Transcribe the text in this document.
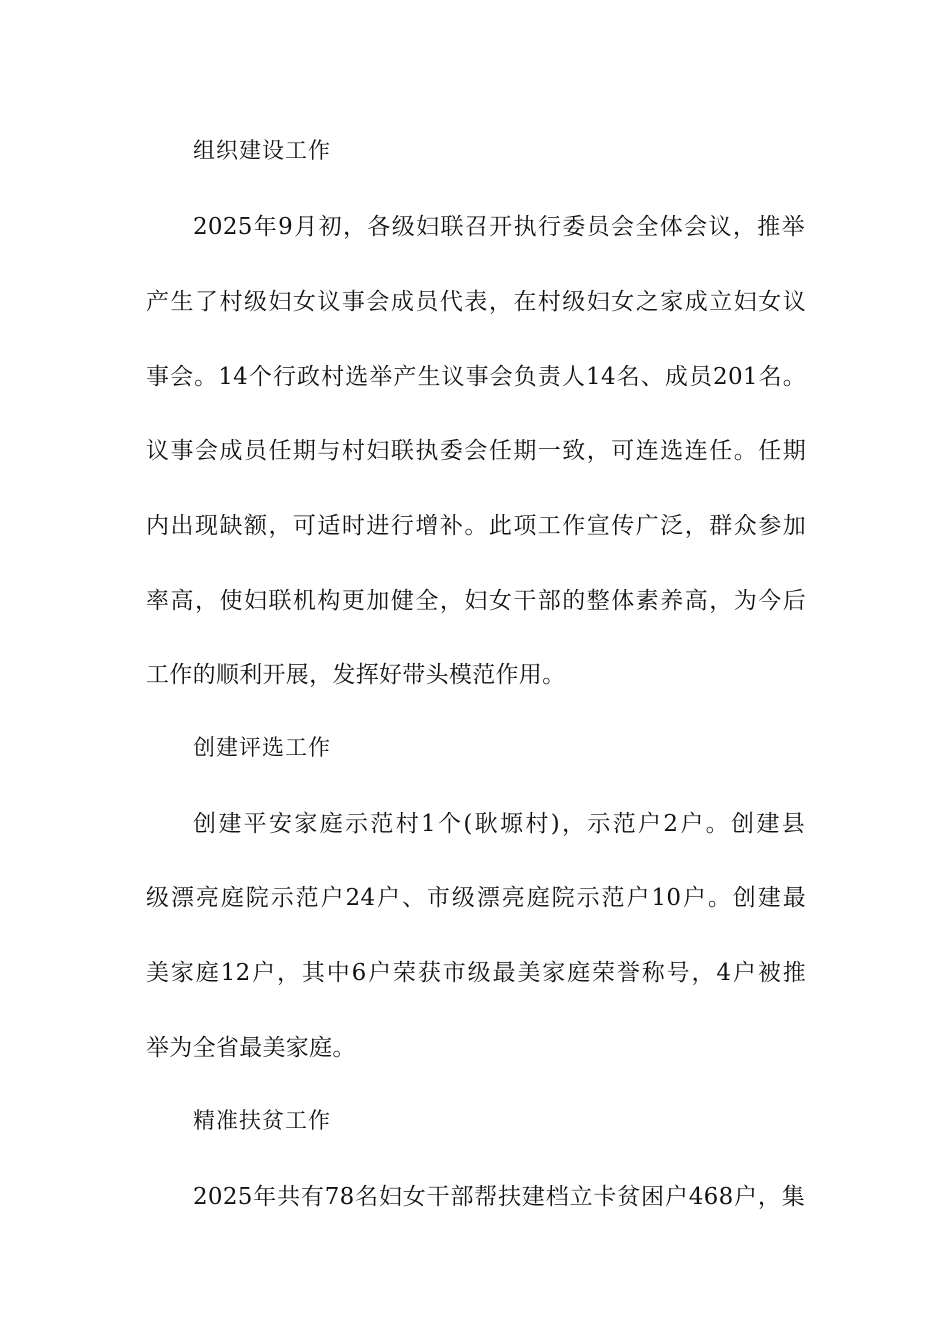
组织建设工作
2025年9月初，各级妇联召开执行委员会全体会议，推举
产生了村级妇女议事会成员代表，在村级妇女之家成立妇女议
事会。14个行政村选举产生议事会负责人14名、成员201名。
议事会成员任期与村妇联执委会任期一致，可连选连任。任期
内出现缺额，可适时进行增补。此项工作宣传广泛，群众参加
率高，使妇联机构更加健全，妇女干部的整体素养高，为今后
工作的顺利开展，发挥好带头模范作用。
创建评选工作
创建平安家庭示范村1个(耿塬村)，示范户2户。创建县
级漂亮庭院示范户24户、市级漂亮庭院示范户10户。创建最
美家庭12户，其中6户荣获市级最美家庭荣誉称号，4户被推
举为全省最美家庭。
精准扶贫工作
2025年共有78名妇女干部帮扶建档立卡贫困户468户，集
